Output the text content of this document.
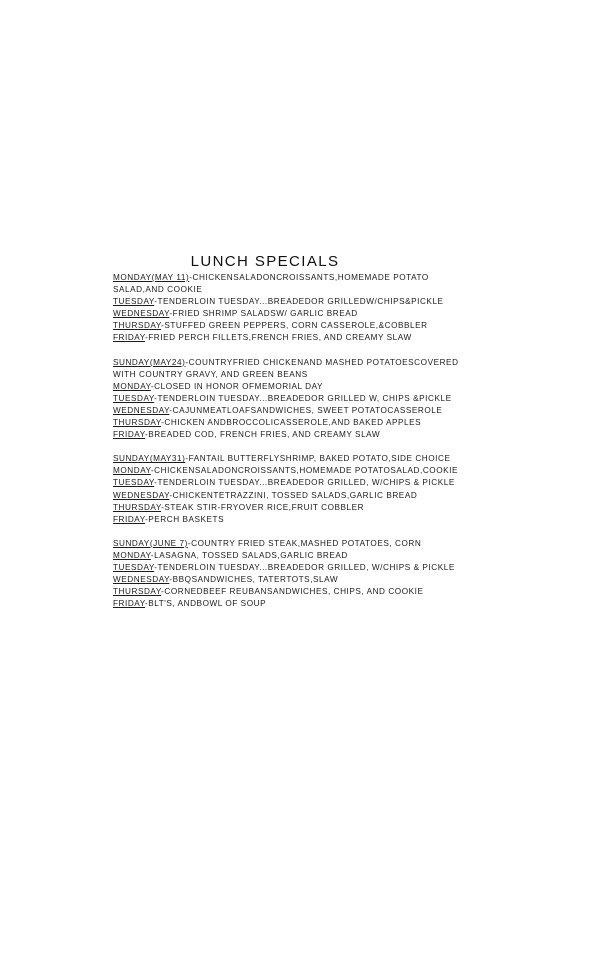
LUNCH SPECIALS
MONDAY(MAY 11)-CHICKENSALADONCROISSANTS,HOMEMADE POTATO
SALAD,AND COOKIE
TUESDAY-TENDERLOIN TUESDAY...BREADEDOR GRILLEDW/CHIPS&PICKLE
WEDNESDAY-FRIED SHRIMP SALADSW/ GARLIC BREAD
THURSDAY-STUFFED GREEN PEPPERS, CORN CASSEROLE,&COBBLER
FRIDAY-FRIED PERCH FILLETS,FRENCH FRIES, AND CREAMY SLAW
SUNDAY(MAY24)-COUNTRYFRIED CHICKENAND MASHED POTATOESCOVERED
WITH COUNTRY GRAVY, AND GREEN BEANS
MONDAY-CLOSED IN HONOR OFMEMORIAL DAY
TUESDAY-TENDERLOIN TUESDAY...BREADEDOR GRILLED W, CHIPS &PICKLE
WEDNESDAY-CAJUNMEATLOAFSANDWICHES, SWEET POTATOCASSEROLE
THURSDAY-CHICKEN ANDBROCCOLICASSEROLE,AND BAKED APPLES
FRIDAY-BREADED COD, FRENCH FRIES, AND CREAMY SLAW
SUNDAY(MAY31)-FANTAIL BUTTERFLYSHRIMP, BAKED POTATO,SIDE CHOICE
MONDAY-CHICKENSALADONCROISSANTS,HOMEMADE POTATOSALAD,COOKIE
TUESDAY-TENDERLOIN TUESDAY...BREADEDOR GRILLED, W/CHIPS & PICKLE
WEDNESDAY-CHICKENTETRAZZINI, TOSSED SALADS,GARLIC BREAD
THURSDAY-STEAK STIR-FRYOVER RICE,FRUIT COBBLER
FRIDAY-PERCH BASKETS
SUNDAY(JUNE 7)-COUNTRY FRIED STEAK,MASHED POTATOES, CORN
MONDAY-LASAGNA, TOSSED SALADS,GARLIC BREAD
TUESDAY-TENDERLOIN TUESDAY...BREADEDOR GRILLED, W/CHIPS & PICKLE
WEDNESDAY-BBQSANDWICHES, TATERTOTS,SLAW
THURSDAY-CORNEDBEEF REUBANSANDWICHES, CHIPS, AND COOKIE
FRIDAY-BLT'S, ANDBOWL OF SOUP
